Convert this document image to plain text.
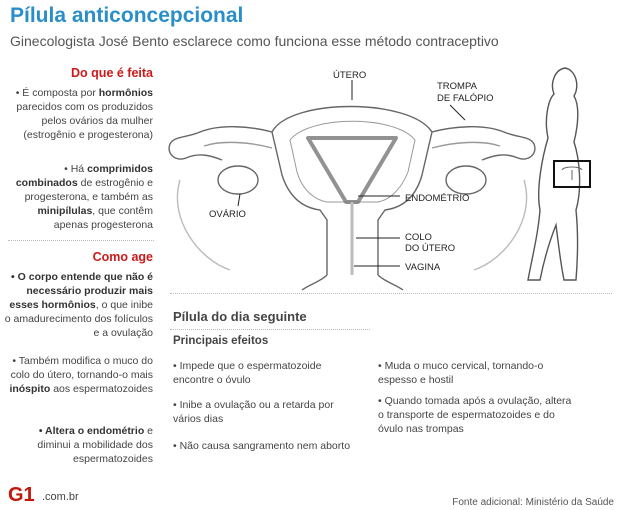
Pílula anticoncepcional
Ginecologista José Bento esclarece como funciona esse método contraceptivo
Do que é feita
• É composta por hormônios parecidos com os produzidos pelos ovários da mulher (estrogênio e progesterona)
• Há comprimidos combinados de estrogênio e progesterona, e também as minipílulas, que contêm apenas progesterona
Como age
• O corpo entende que não é necessário produzir mais esses hormônios, o que inibe o amadurecimento dos folículos e a ovulação
• Também modifica o muco do colo do útero, tornando-o mais inóspito aos espermatozoides
• Altera o endométrio e diminui a mobilidade dos espermatozoides
ÚTERO
TROMPA
DE FALÓPIO
OVÁRIO
ENDOMÉTRIO
COLO
DO ÚTERO
VAGINA
Pílula do dia seguinte
Principais efeitos
• Impede que o espermatozoide encontre o óvulo
• Inibe a ovulação ou a retarda por vários dias
• Não causa sangramento nem aborto
• Muda o muco cervical, tornando-o espesso e hostil
• Quando tomada após a ovulação, altera o transporte de espermatozoides e do óvulo nas trompas
G1 .com.br	Fonte adicional: Ministério da Saúde
